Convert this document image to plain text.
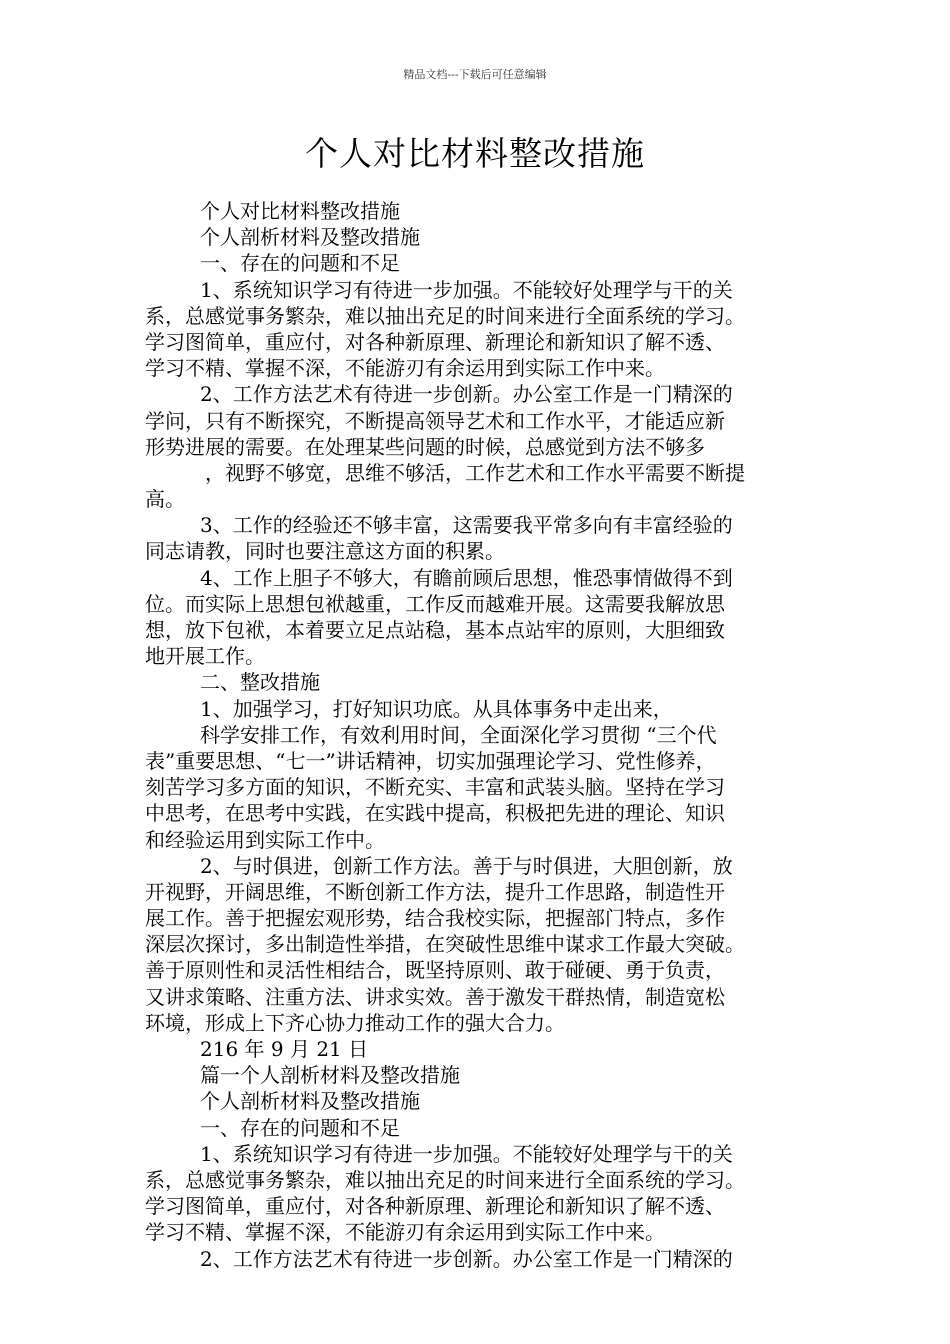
精品文档---下载后可任意编辑
个人对比材料整改措施
个人对比材料整改措施
个人剖析材料及整改措施
一、存在的问题和不足
1、系统知识学习有待进一步加强。不能较好处理学与干的关
系，总感觉事务繁杂，难以抽出充足的时间来进行全面系统的学习。
学习图简单，重应付，对各种新原理、新理论和新知识了解不透、
学习不精、掌握不深，不能游刃有余运用到实际工作中来。
2、工作方法艺术有待进一步创新。办公室工作是一门精深的
学问，只有不断探究，不断提高领导艺术和工作水平，才能适应新
形势进展的需要。在处理某些问题的时候，总感觉到方法不够多
，视野不够宽，思维不够活，工作艺术和工作水平需要不断提
高。
3、工作的经验还不够丰富，这需要我平常多向有丰富经验的
同志请教，同时也要注意这方面的积累。
4、工作上胆子不够大，有瞻前顾后思想，惟恐事情做得不到
位。而实际上思想包袱越重，工作反而越难开展。这需要我解放思
想，放下包袱，本着要立足点站稳，基本点站牢的原则，大胆细致
地开展工作。
二、整改措施
1、加强学习，打好知识功底。从具体事务中走出来，
科学安排工作，有效利用时间，全面深化学习贯彻 “三个代
表”重要思想、“七一”讲话精神，切实加强理论学习、党性修养，
刻苦学习多方面的知识，不断充实、丰富和武装头脑。坚持在学习
中思考，在思考中实践，在实践中提高，积极把先进的理论、知识
和经验运用到实际工作中。
2、与时俱进，创新工作方法。善于与时俱进，大胆创新，放
开视野，开阔思维，不断创新工作方法，提升工作思路，制造性开
展工作。善于把握宏观形势，结合我校实际，把握部门特点，多作
深层次探讨，多出制造性举措，在突破性思维中谋求工作最大突破。
善于原则性和灵活性相结合，既坚持原则、敢于碰硬、勇于负责，
又讲求策略、注重方法、讲求实效。善于激发干群热情，制造宽松
环境，形成上下齐心协力推动工作的强大合力。
216 年 9 月 21 日
篇一个人剖析材料及整改措施
个人剖析材料及整改措施
一、存在的问题和不足
1、系统知识学习有待进一步加强。不能较好处理学与干的关
系，总感觉事务繁杂，难以抽出充足的时间来进行全面系统的学习。
学习图简单，重应付，对各种新原理、新理论和新知识了解不透、
学习不精、掌握不深，不能游刃有余运用到实际工作中来。
2、工作方法艺术有待进一步创新。办公室工作是一门精深的
